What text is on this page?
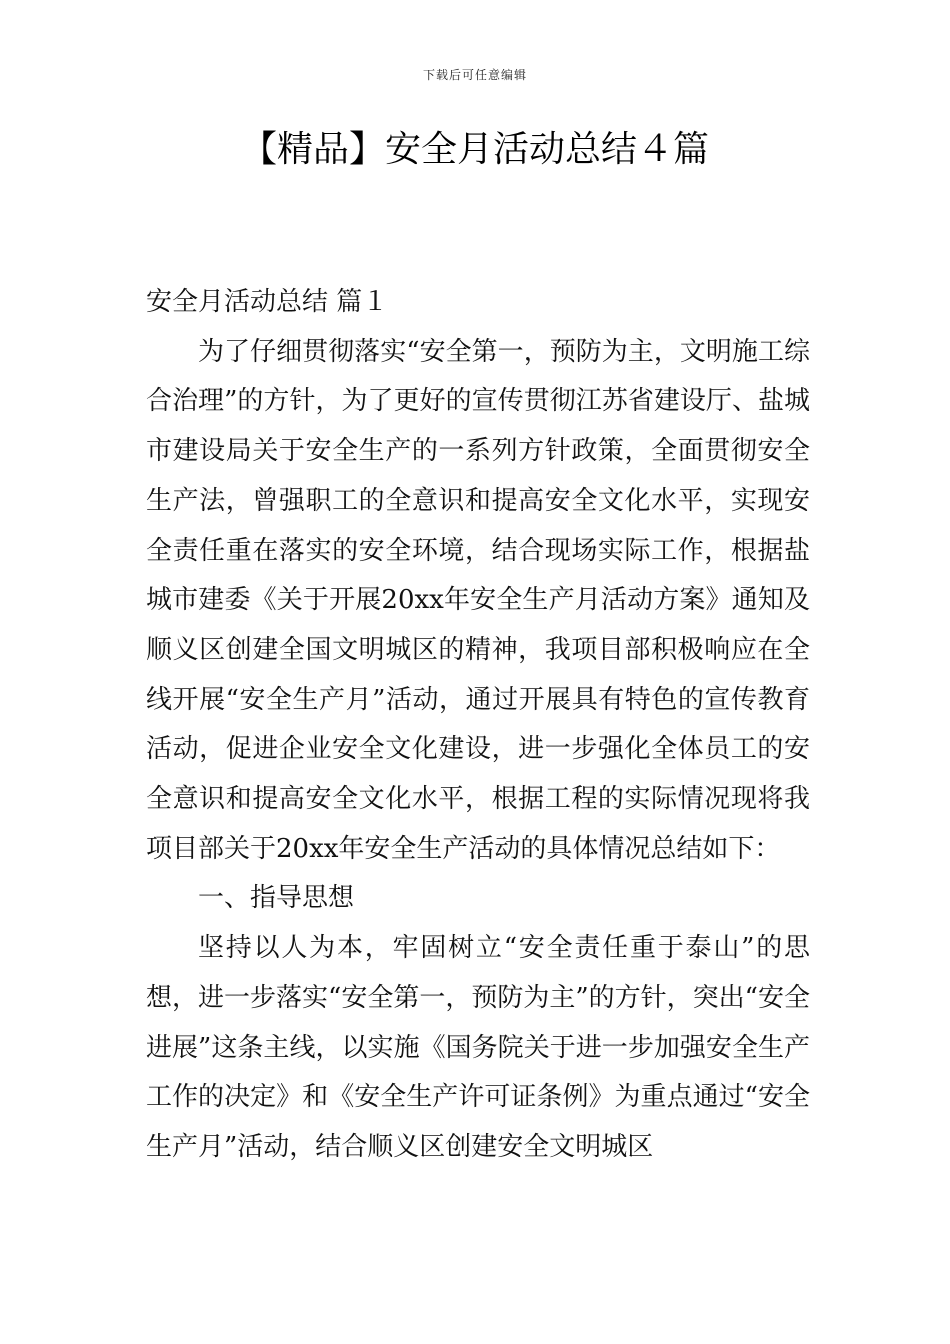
下载后可任意编辑
【精品】安全月活动总结４篇

安全月活动总结 篇１

为了仔细贯彻落实“安全第一，预防为主，文明施工综合治理”的方针，为了更好的宣传贯彻江苏省建设厅、盐城市建设局关于安全生产的一系列方针政策，全面贯彻安全生产法，曾强职工的全意识和提高安全文化水平，实现安全责任重在落实的安全环境，结合现场实际工作，根据盐城市建委《关于开展20xx年安全生产月活动方案》通知及顺义区创建全国文明城区的精神，我项目部积极响应在全线开展“安全生产月”活动，通过开展具有特色的宣传教育活动，促进企业安全文化建设，进一步强化全体员工的安全意识和提高安全文化水平，根据工程的实际情况现将我项目部关于20xx年安全生产活动的具体情况总结如下：

一、指导思想

坚持以人为本，牢固树立“安全责任重于泰山”的思想，进一步落实“安全第一，预防为主”的方针，突出“安全进展”这条主线，以实施《国务院关于进一步加强安全生产工作的决定》和《安全生产许可证条例》为重点通过“安全生产月”活动，结合顺义区创建安全文明城区
